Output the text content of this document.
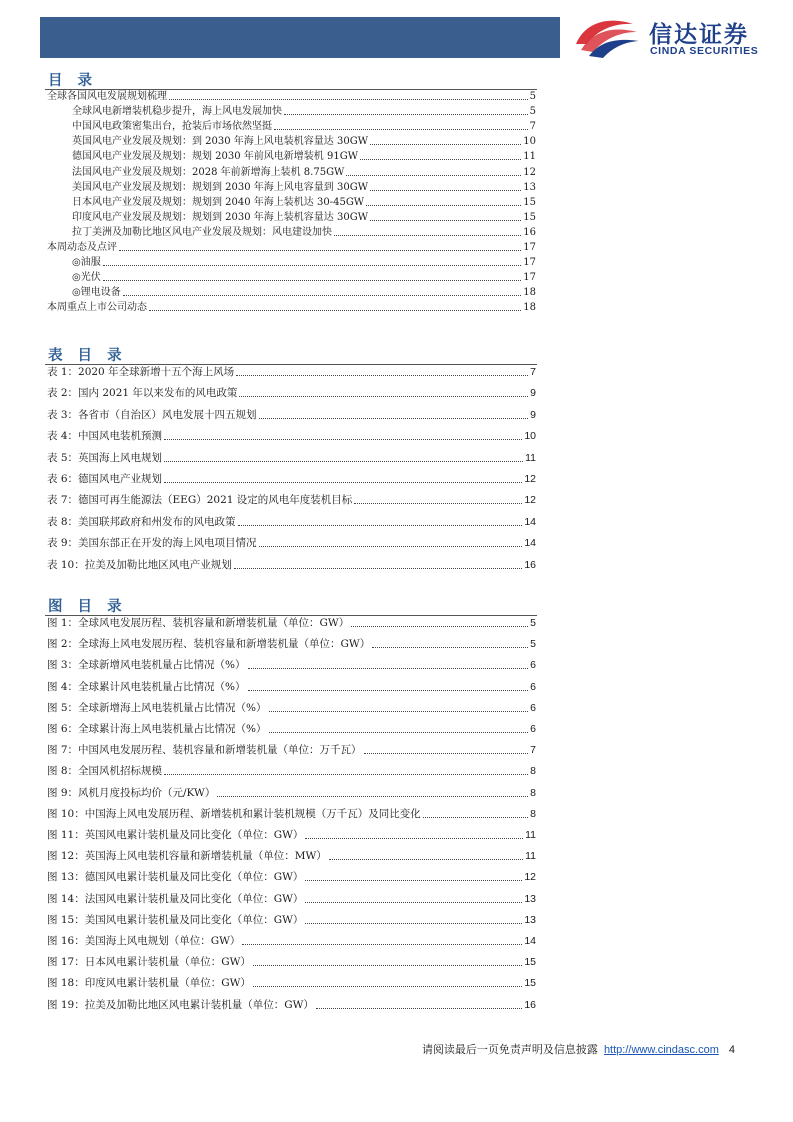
信达证券
CINDA SECURITIES
目 录
全球各国风电发展规划梳理	5
全球风电新增装机稳步提升，海上风电发展加快	5
中国风电政策密集出台，抢装后市场依然坚挺	7
英国风电产业发展及规划：到 2030 年海上风电装机容量达 30GW	10
德国风电产业发展及规划：规划 2030 年前风电新增装机 91GW	11
法国风电产业发展及规划：2028 年前新增海上装机 8.75GW	12
美国风电产业发展及规划：规划到 2030 年海上风电容量到 30GW	13
日本风电产业发展及规划：规划到 2040 年海上装机达 30-45GW	15
印度风电产业发展及规划：规划到 2030 年海上装机容量达 30GW	15
拉丁美洲及加勒比地区风电产业发展及规划：风电建设加快	16
本周动态及点评	17
◎油服	17
◎光伏	17
◎锂电设备	18
本周重点上市公司动态	18
表 目 录
表 1：2020 年全球新增十五个海上风场	7
表 2：国内 2021 年以来发布的风电政策	9
表 3：各省市（自治区）风电发展十四五规划	9
表 4：中国风电装机预测	10
表 5：英国海上风电规划	11
表 6：德国风电产业规划	12
表 7：德国可再生能源法（EEG）2021 设定的风电年度装机目标	12
表 8：美国联邦政府和州发布的风电政策	14
表 9：美国东部正在开发的海上风电项目情况	14
表 10：拉美及加勒比地区风电产业规划	16
图 目 录
图 1：全球风电发展历程、装机容量和新增装机量（单位：GW）	5
图 2：全球海上风电发展历程、装机容量和新增装机量（单位：GW）	5
图 3：全球新增风电装机量占比情况（%）	6
图 4：全球累计风电装机量占比情况（%）	6
图 5：全球新增海上风电装机量占比情况（%）	6
图 6：全球累计海上风电装机量占比情况（%）	6
图 7：中国风电发展历程、装机容量和新增装机量（单位：万千瓦）	7
图 8：全国风机招标规模	8
图 9：风机月度投标均价（元/KW）	8
图 10：中国海上风电发展历程、新增装机和累计装机规模（万千瓦）及同比变化	8
图 11：英国风电累计装机量及同比变化（单位：GW）	11
图 12：英国海上风电装机容量和新增装机量（单位：MW）	11
图 13：德国风电累计装机量及同比变化（单位：GW）	12
图 14：法国风电累计装机量及同比变化（单位：GW）	13
图 15：美国风电累计装机量及同比变化（单位：GW）	13
图 16：美国海上风电规划（单位：GW）	14
图 17：日本风电累计装机量（单位：GW）	15
图 18：印度风电累计装机量（单位：GW）	15
图 19：拉美及加勒比地区风电累计装机量（单位：GW）	16
请阅读最后一页免责声明及信息披露 http://www.cindasc.com 4
